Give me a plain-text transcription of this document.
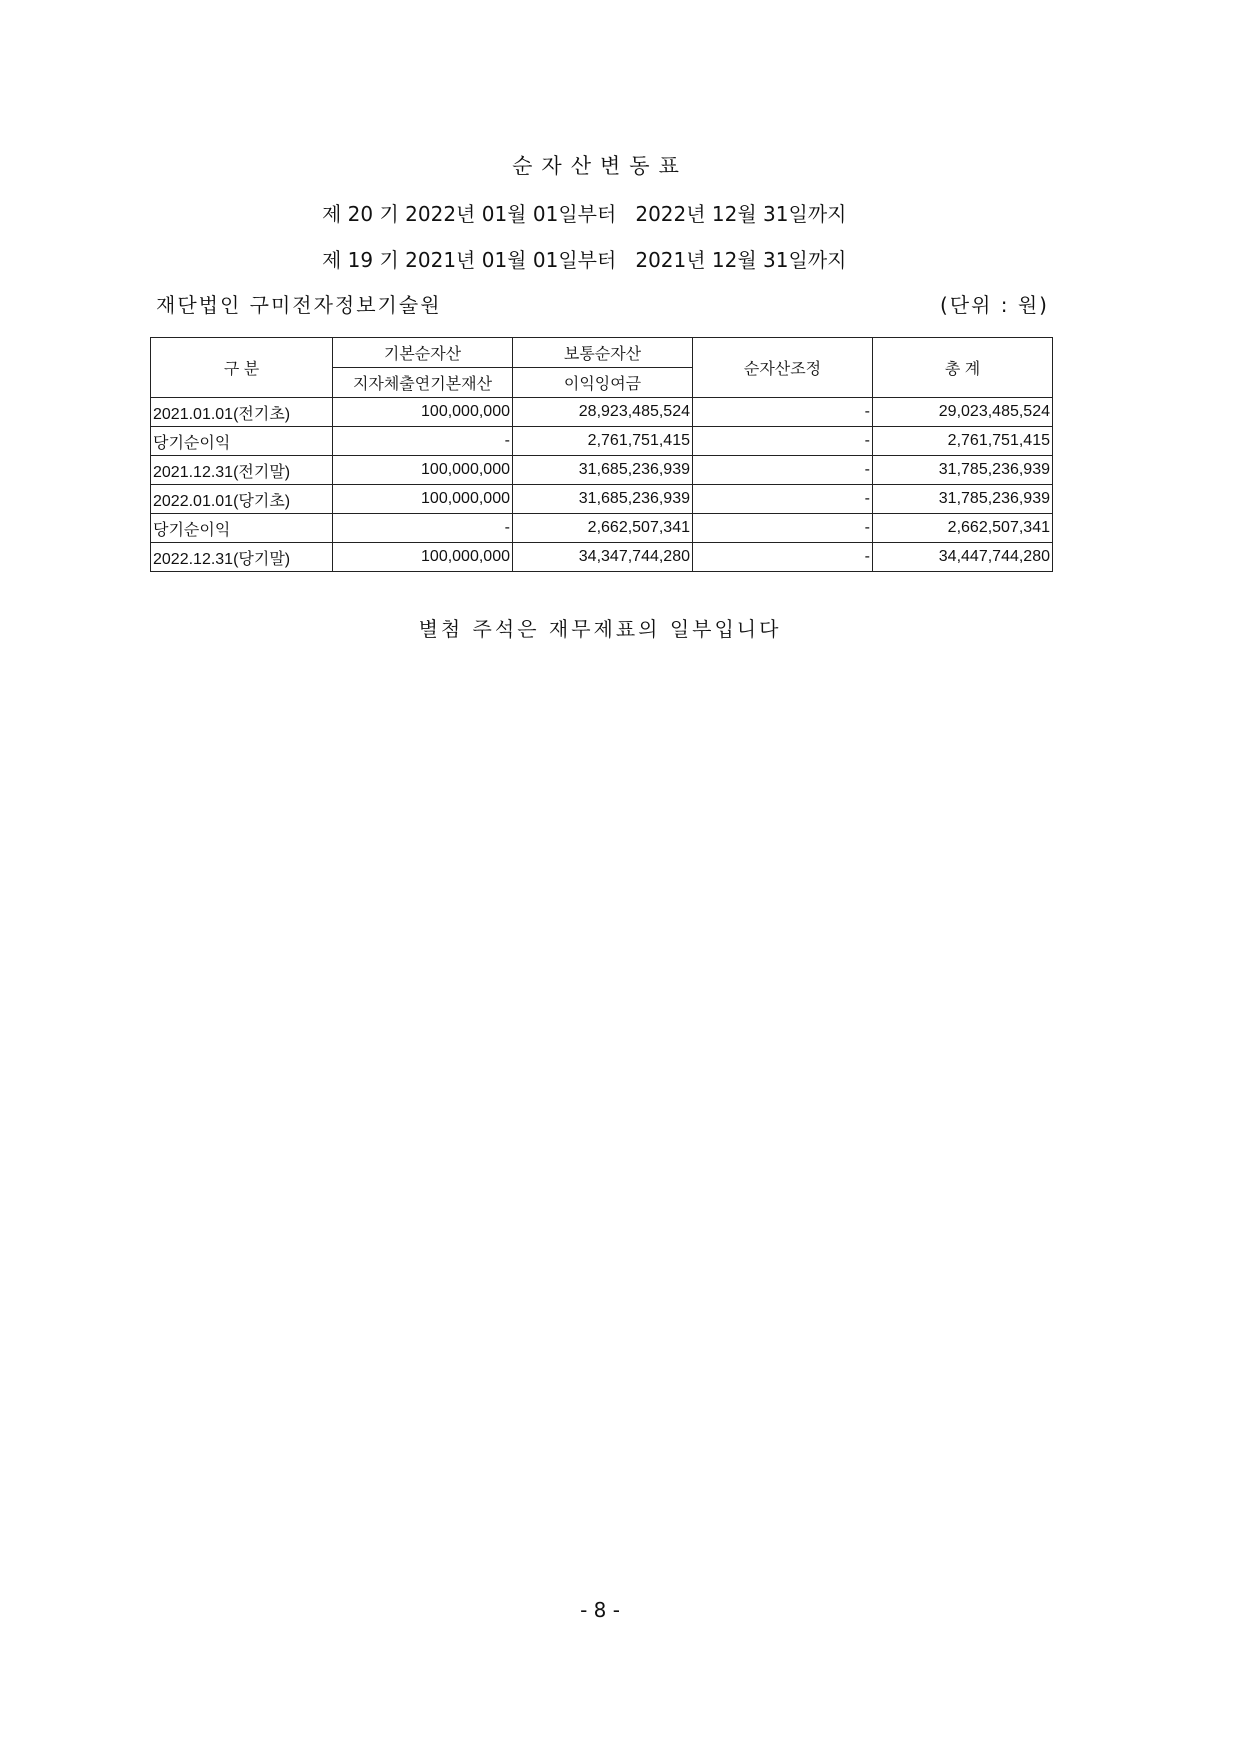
순자산변동표
제 20 기 2022년 01월 01일부터   2022년 12월 31일까지
제 19 기 2021년 01월 01일부터   2021년 12월 31일까지
재단법인 구미전자정보기술원	(단위 : 원)
구 분	기본순자산	보통순자산	순자산조정	총 계
	지자체출연기본재산	이익잉여금		
2021.01.01(전기초)	100,000,000	28,923,485,524	-	29,023,485,524
당기순이익	-	2,761,751,415	-	2,761,751,415
2021.12.31(전기말)	100,000,000	31,685,236,939	-	31,785,236,939
2022.01.01(당기초)	100,000,000	31,685,236,939	-	31,785,236,939
당기순이익	-	2,662,507,341	-	2,662,507,341
2022.12.31(당기말)	100,000,000	34,347,744,280	-	34,447,744,280
별첨 주석은 재무제표의 일부입니다
- 8 -
